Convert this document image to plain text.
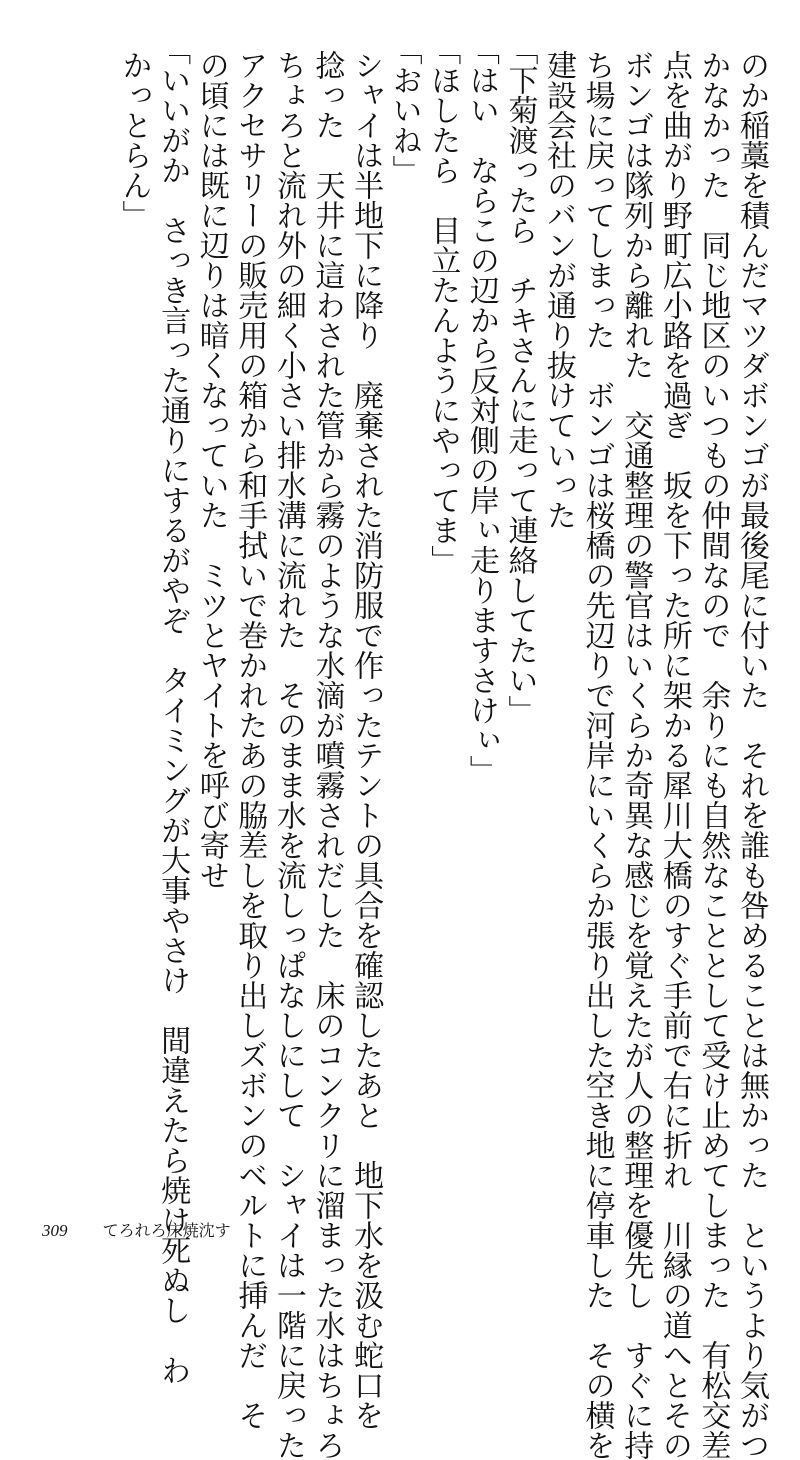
のか稲藁を積んだマツダボンゴが最後尾に付いた　それを誰も咎めることは無かった　というより気がつ

かなかった　同じ地区のいつもの仲間なので　余りにも自然なこととして受け止めてしまった　有松交差

点を曲がり野町広小路を過ぎ　坂を下った所に架かる犀川大橋のすぐ手前で右に折れ　川縁の道へとその

ボンゴは隊列から離れた　交通整理の警官はいくらか奇異な感じを覚えたが人の整理を優先し　すぐに持

ち場に戻ってしまった　ボンゴは桜橋の先辺りで河岸にいくらか張り出した空き地に停車した　その横を

建設会社のバンが通り抜けていった

「下菊渡ったら　チキさんに走って連絡してたい」

「はい　ならこの辺から反対側の岸ぃ走りますさけぃ」

「ほしたら　目立たんようにやってま」

「おいね」

シャイは半地下に降り　廃棄された消防服で作ったテントの具合を確認したあと　地下水を汲む蛇口を

捻った　天井に這わされた管から霧のような水滴が噴霧されだした　床のコンクリに溜まった水はちょろ

ちょろと流れ外の細く小さい排水溝に流れた　そのまま水を流しっぱなしにして　シャイは一階に戻った

アクセサリーの販売用の箱から和手拭いで巻かれたあの脇差しを取り出しズボンのベルトに挿んだ　そ

の頃には既に辺りは暗くなっていた　ミツとヤイトを呼び寄せ

「いいがか　さっき言った通りにするがやぞ　タイミングが大事やさけ　間違えたら焼け死ぬし　わ

かっとらん」

309 てろれろ床焼沈す
